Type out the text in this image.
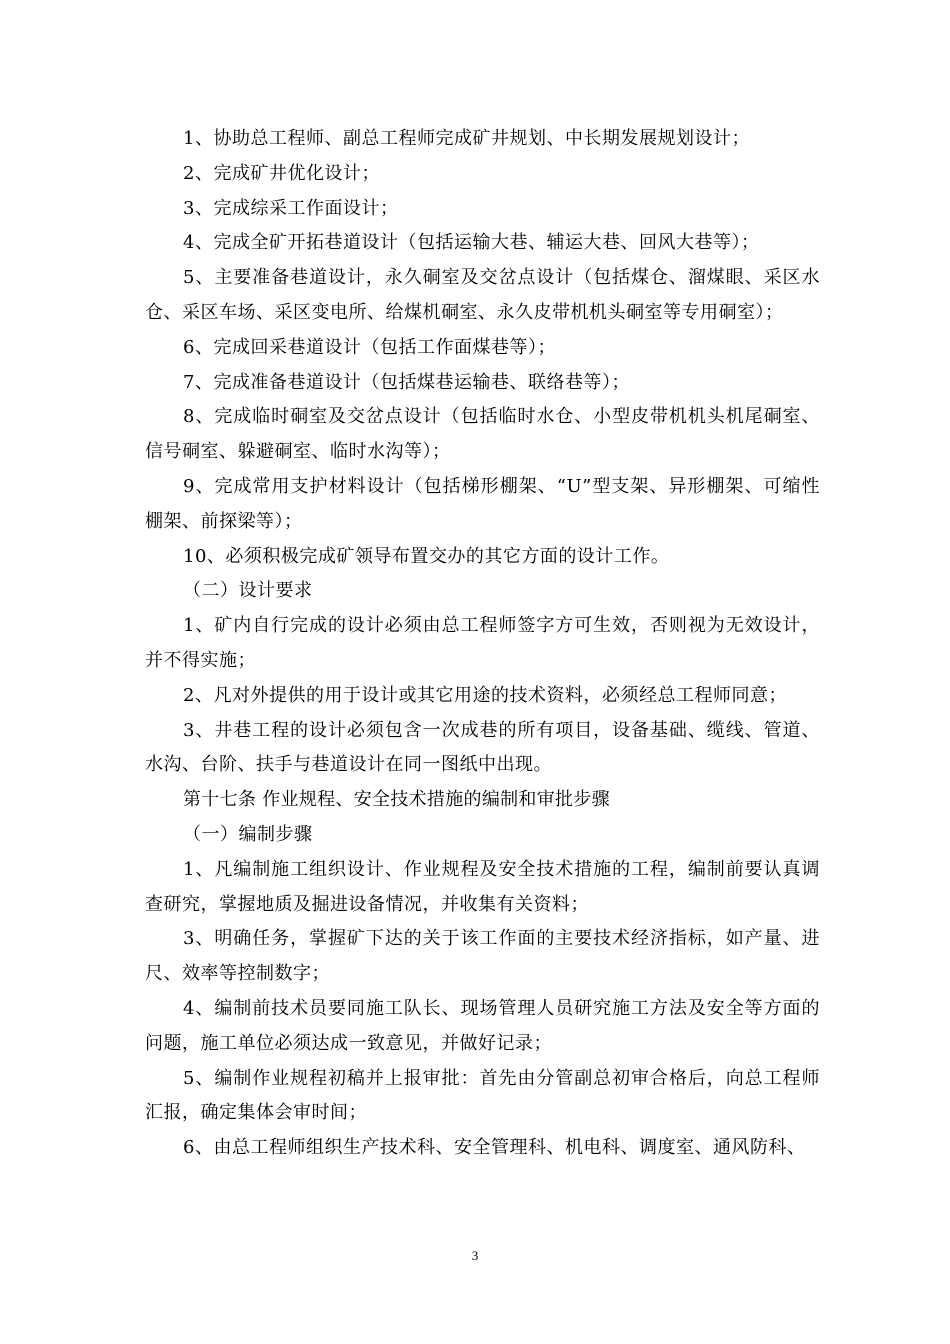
1、协助总工程师、副总工程师完成矿井规划、中长期发展规划设计；

2、完成矿井优化设计；

3、完成综采工作面设计；

4、完成全矿开拓巷道设计（包括运输大巷、辅运大巷、回风大巷等）；

5、主要准备巷道设计，永久硐室及交岔点设计（包括煤仓、溜煤眼、采区水仓、采区车场、采区变电所、给煤机硐室、永久皮带机机头硐室等专用硐室）；

6、完成回采巷道设计（包括工作面煤巷等）；

7、完成准备巷道设计（包括煤巷运输巷、联络巷等）；

8、完成临时硐室及交岔点设计（包括临时水仓、小型皮带机机头机尾硐室、信号硐室、躲避硐室、临时水沟等）；

9、完成常用支护材料设计（包括梯形棚架、“U”型支架、异形棚架、可缩性棚架、前探梁等）；

10、必须积极完成矿领导布置交办的其它方面的设计工作。

（二）设计要求

1、矿内自行完成的设计必须由总工程师签字方可生效，否则视为无效设计，并不得实施；

2、凡对外提供的用于设计或其它用途的技术资料，必须经总工程师同意；

3、井巷工程的设计必须包含一次成巷的所有项目，设备基础、缆线、管道、水沟、台阶、扶手与巷道设计在同一图纸中出现。

第十七条 作业规程、安全技术措施的编制和审批步骤

（一）编制步骤

1、凡编制施工组织设计、作业规程及安全技术措施的工程，编制前要认真调查研究，掌握地质及掘进设备情况，并收集有关资料；

3、明确任务，掌握矿下达的关于该工作面的主要技术经济指标，如产量、进尺、效率等控制数字；

4、编制前技术员要同施工队长、现场管理人员研究施工方法及安全等方面的问题，施工单位必须达成一致意见，并做好记录；

5、编制作业规程初稿并上报审批：首先由分管副总初审合格后，向总工程师汇报，确定集体会审时间；

6、由总工程师组织生产技术科、安全管理科、机电科、调度室、通风防科、

3
